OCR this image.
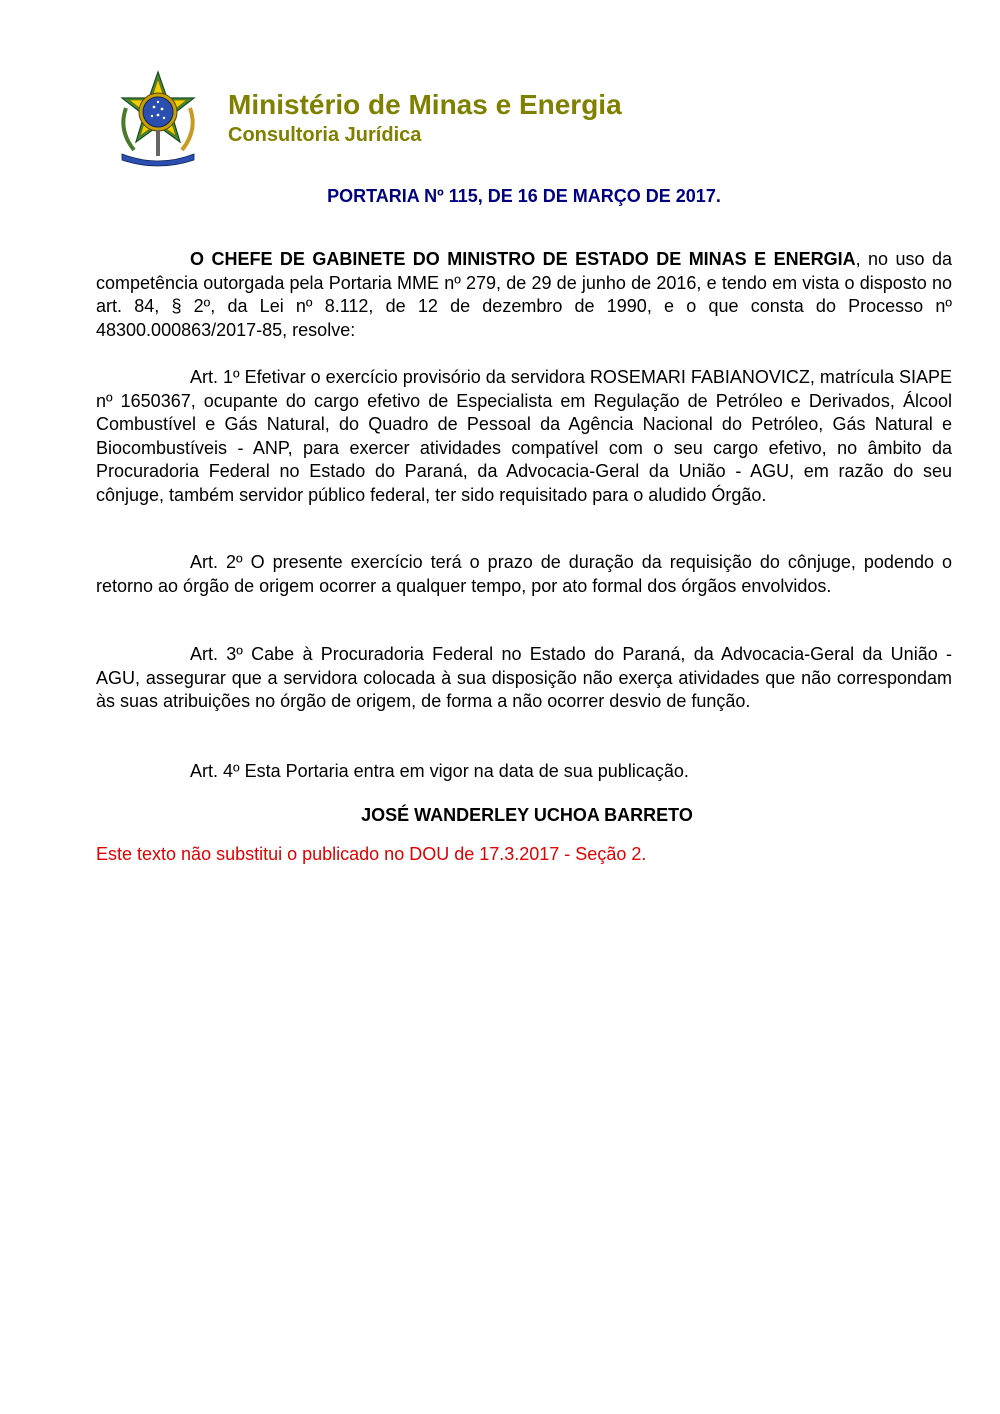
Ministério de Minas e Energia
Consultoria Jurídica
PORTARIA Nº 115, DE 16 DE MARÇO DE 2017.
O CHEFE DE GABINETE DO MINISTRO DE ESTADO DE MINAS E ENERGIA, no uso da competência outorgada pela Portaria MME nº 279, de 29 de junho de 2016, e tendo em vista o disposto no art. 84, § 2º, da Lei nº 8.112, de 12 de dezembro de 1990, e o que consta do Processo nº 48300.000863/2017-85, resolve:
Art. 1º Efetivar o exercício provisório da servidora ROSEMARI FABIANOVICZ, matrícula SIAPE nº 1650367, ocupante do cargo efetivo de Especialista em Regulação de Petróleo e Derivados, Álcool Combustível e Gás Natural, do Quadro de Pessoal da Agência Nacional do Petróleo, Gás Natural e Biocombustíveis - ANP, para exercer atividades compatível com o seu cargo efetivo, no âmbito da Procuradoria Federal no Estado do Paraná, da Advocacia-Geral da União - AGU, em razão do seu cônjuge, também servidor público federal, ter sido requisitado para o aludido Órgão.
Art. 2º O presente exercício terá o prazo de duração da requisição do cônjuge, podendo o retorno ao órgão de origem ocorrer a qualquer tempo, por ato formal dos órgãos envolvidos.
Art. 3º Cabe à Procuradoria Federal no Estado do Paraná, da Advocacia-Geral da União - AGU, assegurar que a servidora colocada à sua disposição não exerça atividades que não correspondam às suas atribuições no órgão de origem, de forma a não ocorrer desvio de função.
Art. 4º Esta Portaria entra em vigor na data de sua publicação.
JOSÉ WANDERLEY UCHOA BARRETO
Este texto não substitui o publicado no DOU de 17.3.2017 - Seção 2.
